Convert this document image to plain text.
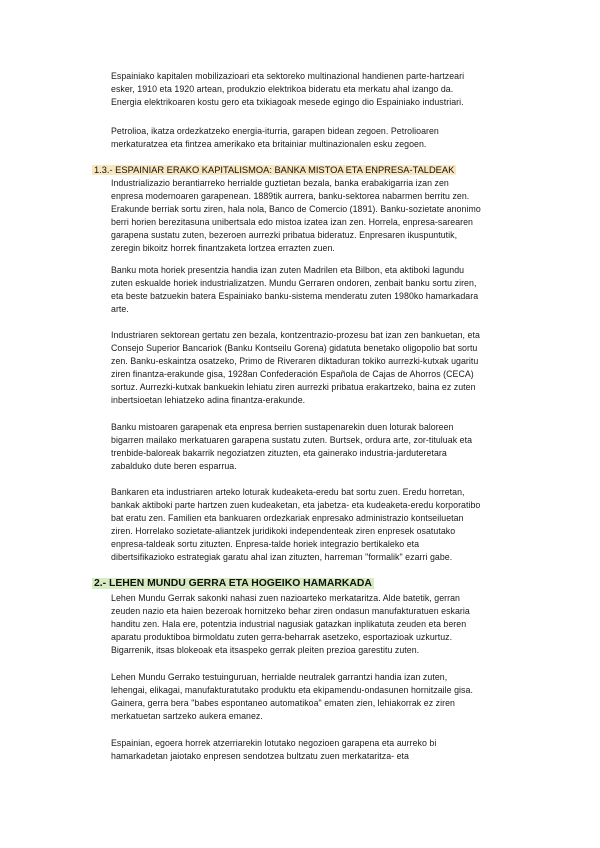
Espainiako kapitalen mobilizazioari eta sektoreko multinazional handienen parte-hartzeari
esker, 1910 eta 1920 artean, produkzio elektrikoa bideratu eta merkatu ahal izango da.
Energia elektrikoaren kostu gero eta txikiagoak mesede egingo dio Espainiako industriari.

Petrolioa, ikatza ordezkatzeko energia-iturria, garapen bidean zegoen. Petrolioaren
merkaturatzea eta fintzea amerikako eta britainiar multinazionalen esku zegoen.

1.3.- ESPAINIAR ERAKO KAPITALISMOA: BANKA MISTOA ETA ENPRESA-TALDEAK

Industrializazio berantiarreko herrialde guztietan bezala, banka erabakigarria izan zen
enpresa modernoaren garapenean. 1889tik aurrera, banku-sektorea nabarmen berritu zen.
Erakunde berriak sortu ziren, hala nola, Banco de Comercio (1891). Banku-sozietate anonimo
berri horien berezitasuna unibertsala edo mistoa izatea izan zen. Horrela, enpresa-sarearen
garapena sustatu zuten, bezeroen aurrezki pribatua bideratuz. Enpresaren ikuspuntutik,
zeregin bikoitz horrek finantzaketa lortzea errazten zuen.

Banku mota horiek presentzia handia izan zuten Madrilen eta Bilbon, eta aktiboki lagundu
zuten eskualde horiek industrializatzen. Mundu Gerraren ondoren, zenbait banku sortu ziren,
eta beste batzuekin batera Espainiako banku-sistema menderatu zuten 1980ko hamarkadara
arte.

Industriaren sektorean gertatu zen bezala, kontzentrazio-prozesu bat izan zen bankuetan, eta
Consejo Superior Bancariok (Banku Kontseilu Gorena) gidatuta benetako oligopolio bat sortu
zen. Banku-eskaintza osatzeko, Primo de Riveraren diktaduran tokiko aurrezki-kutxak ugaritu
ziren finantza-erakunde gisa, 1928an Confederación Española de Cajas de Ahorros (CECA)
sortuz. Aurrezki-kutxak bankuekin lehiatu ziren aurrezki pribatua erakartzeko, baina ez zuten
inbertsioetan lehiatzeko adina finantza-erakunde.

Banku mistoaren garapenak eta enpresa berrien sustapenarekin duen loturak baloreen
bigarren mailako merkatuaren garapena sustatu zuten. Burtsek, ordura arte, zor-tituluak eta
trenbide-baloreak bakarrik negoziatzen zituzten, eta gainerako industria-jarduteretara
zabalduko dute beren esparrua.

Bankaren eta industriaren arteko loturak kudeaketa-eredu bat sortu zuen. Eredu horretan,
bankak aktiboki parte hartzen zuen kudeaketan, eta jabetza- eta kudeaketa-eredu korporatibo
bat eratu zen. Familien eta bankuaren ordezkariak enpresako administrazio kontseiluetan
ziren. Horrelako sozietate-aliantzek juridikoki independenteak ziren enpresek osatutako
enpresa-taldeak sortu zituzten. Enpresa-talde horiek integrazio bertikaleko eta
dibertsifikazioko estrategiak garatu ahal izan zituzten, harreman "formalik" ezarri gabe.

2.- LEHEN MUNDU GERRA ETA HOGEIKO HAMARKADA

Lehen Mundu Gerrak sakonki nahasi zuen nazioarteko merkataritza. Alde batetik, gerran
zeuden nazio eta haien bezeroak hornitzeko behar ziren ondasun manufakturatuen eskaria
handitu zen. Hala ere, potentzia industrial nagusiak gatazkan inplikatuta zeuden eta beren
aparatu produktiboa birmoldatu zuten gerra-beharrak asetzeko, esportazioak uzkurtuz.
Bigarrenik, itsas blokeoak eta itsaspeko gerrak pleiten prezioa garestitu zuten.

Lehen Mundu Gerrako testuinguruan, herrialde neutralek garrantzi handia izan zuten,
lehengai, elikagai, manufakturatutako produktu eta ekipamendu-ondasunen hornitzaile gisa.
Gainera, gerra bera "babes espontaneo automatikoa" ematen zien, lehiakorrak ez ziren
merkatuetan sartzeko aukera emanez.

Espainian, egoera horrek atzerriarekin lotutako negozioen garapena eta aurreko bi
hamarkadetan jaiotako enpresen sendotzea bultzatu zuen merkataritza- eta
